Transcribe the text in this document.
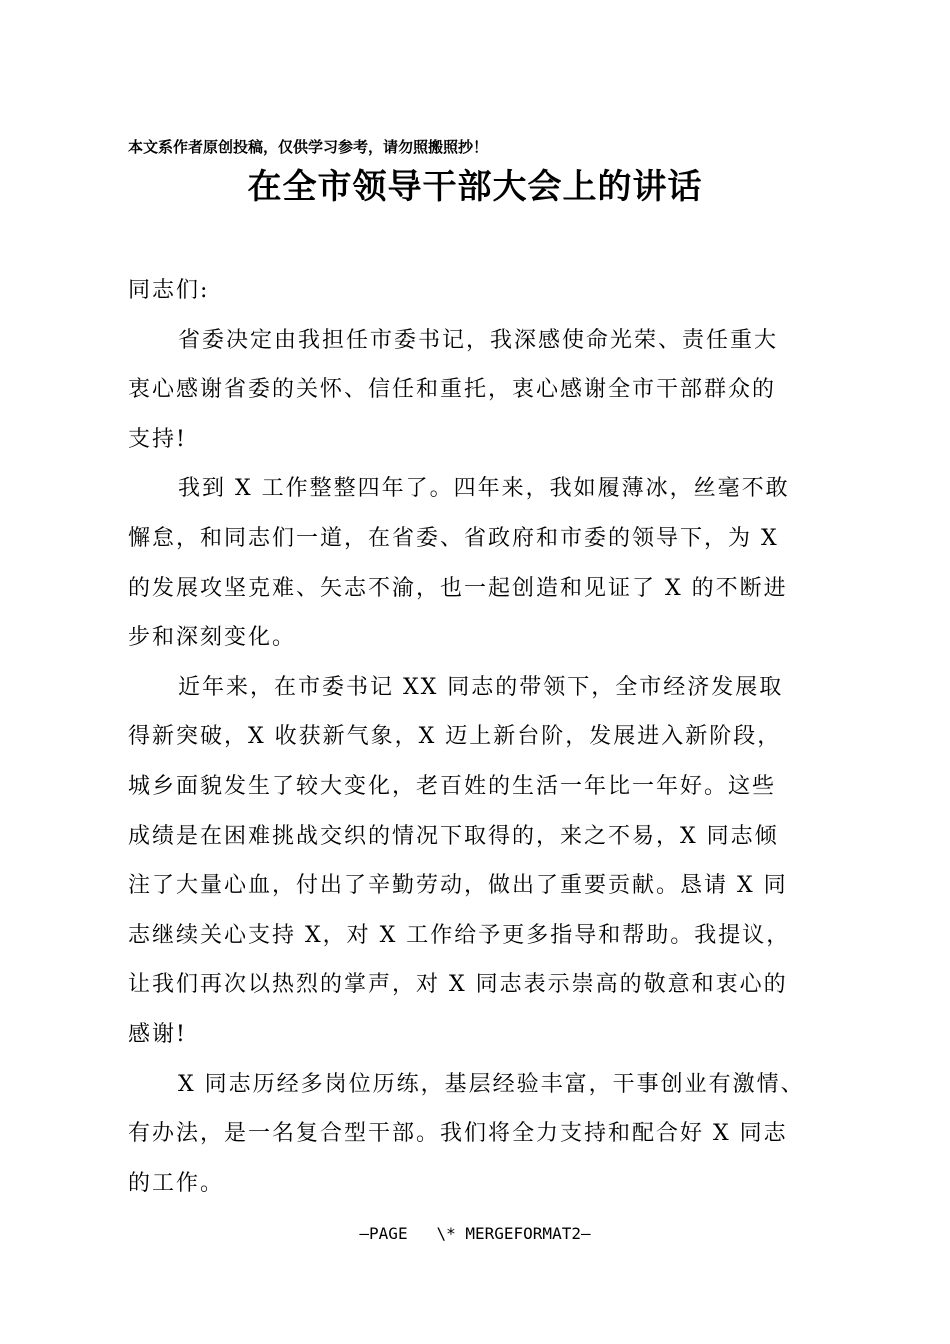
本文系作者原创投稿，仅供学习参考，请勿照搬照抄！
在全市领导干部大会上的讲话
同志们:
省委决定由我担任市委书记，我深感使命光荣、责任重大
衷心感谢省委的关怀、信任和重托，衷心感谢全市干部群众的
支持!
我到 X 工作整整四年了。四年来，我如履薄冰，丝毫不敢
懈怠，和同志们一道，在省委、省政府和市委的领导下，为 X
的发展攻坚克难、矢志不渝，也一起创造和见证了 X 的不断进
步和深刻变化。
近年来，在市委书记 XX 同志的带领下，全市经济发展取
得新突破，X 收获新气象，X 迈上新台阶，发展进入新阶段，
城乡面貌发生了较大变化，老百姓的生活一年比一年好。这些
成绩是在困难挑战交织的情况下取得的，来之不易，X 同志倾
注了大量心血，付出了辛勤劳动，做出了重要贡献。恳请 X 同
志继续关心支持 X，对 X 工作给予更多指导和帮助。我提议，
让我们再次以热烈的掌声，对 X 同志表示崇高的敬意和衷心的
感谢!
X 同志历经多岗位历练，基层经验丰富，干事创业有激情、
有办法，是一名复合型干部。我们将全力支持和配合好 X 同志
的工作。
—PAGE   \* MERGEFORMAT2—
